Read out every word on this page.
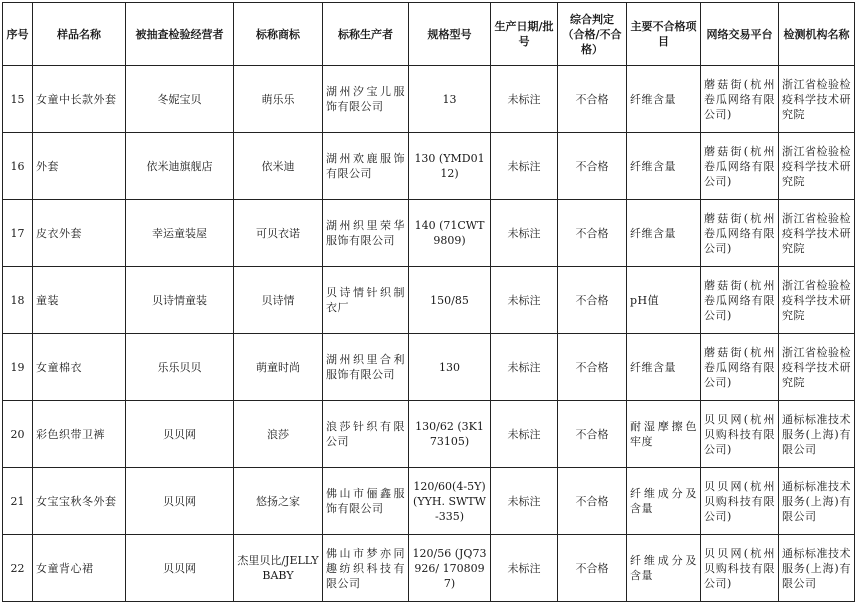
序号	样品名称	被抽查检验经营者	标称商标	标称生产者	规格型号	生产日期/批号	综合判定（合格/不合格）	主要不合格项目	网络交易平台	检测机构名称
15	女童中长款外套	冬妮宝贝	萌乐乐	湖州汐宝儿服饰有限公司	13	未标注	不合格	纤维含量	蘑菇街(杭州卷瓜网络有限公司)	浙江省检验检疫科学技术研究院
16	外套	依米迪旗舰店	依米迪	湖州欢鹿服饰有限公司	130 (YMD0112)	未标注	不合格	纤维含量	蘑菇街(杭州卷瓜网络有限公司)	浙江省检验检疫科学技术研究院
17	皮衣外套	幸运童装屋	可贝衣诺	湖州织里荣华服饰有限公司	140 (71CWT9809)	未标注	不合格	纤维含量	蘑菇街(杭州卷瓜网络有限公司)	浙江省检验检疫科学技术研究院
18	童装	贝诗情童装	贝诗情	贝诗情针织制衣厂	150/85	未标注	不合格	pH值	蘑菇街(杭州卷瓜网络有限公司)	浙江省检验检疫科学技术研究院
19	女童棉衣	乐乐贝贝	萌童时尚	湖州织里合利服饰有限公司	130	未标注	不合格	纤维含量	蘑菇街(杭州卷瓜网络有限公司)	浙江省检验检疫科学技术研究院
20	彩色织带卫裤	贝贝网	浪莎	浪莎针织有限公司	130/62 (3K173105)	未标注	不合格	耐湿摩擦色牢度	贝贝网(杭州贝购科技有限公司)	通标标准技术服务(上海)有限公司
21	女宝宝秋冬外套	贝贝网	悠扬之家	佛山市俪鑫服饰有限公司	120/60(4-5Y) (YYH. SWTW-335)	未标注	不合格	纤维成分及含量	贝贝网(杭州贝购科技有限公司)	通标标准技术服务(上海)有限公司
22	女童背心裙	贝贝网	杰里贝比/JELLYBABY	佛山市梦亦同趣纺织科技有限公司	120/56 (JQ73926/ 1708097)	未标注	不合格	纤维成分及含量	贝贝网(杭州贝购科技有限公司)	通标标准技术服务(上海)有限公司
